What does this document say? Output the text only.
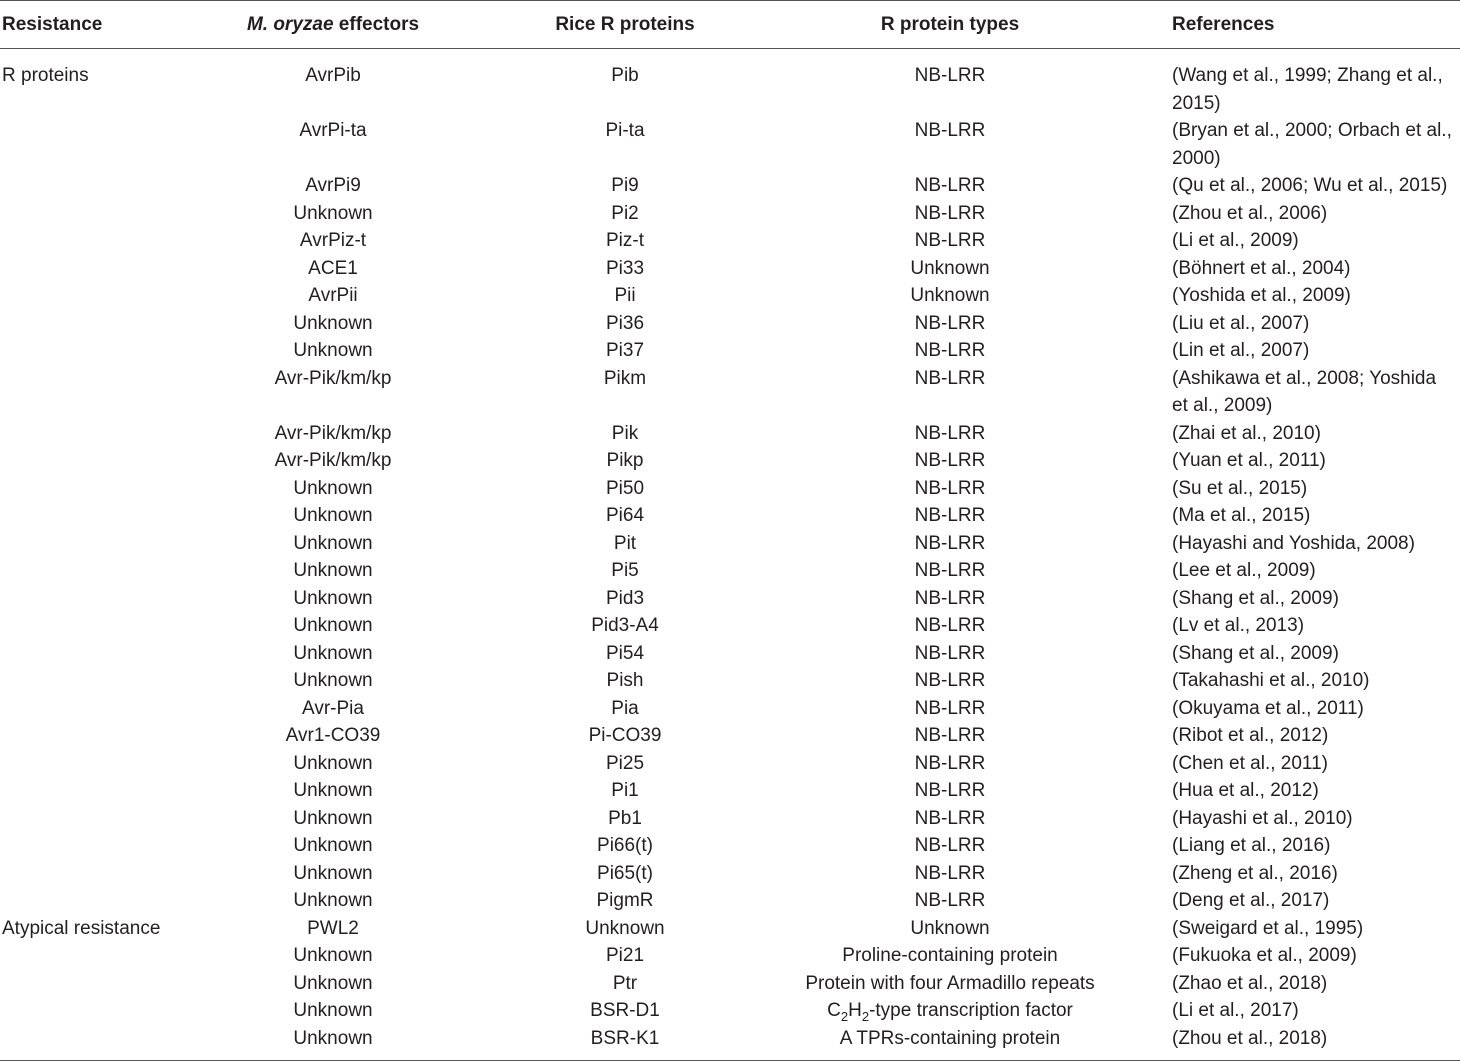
Resistance	M. oryzae effectors	Rice R proteins	R protein types	References
R proteins	AvrPib	Pib	NB-LRR	(Wang et al., 1999; Zhang et al., 2015)
	AvrPi-ta	Pi-ta	NB-LRR	(Bryan et al., 2000; Orbach et al., 2000)
	AvrPi9	Pi9	NB-LRR	(Qu et al., 2006; Wu et al., 2015)
	Unknown	Pi2	NB-LRR	(Zhou et al., 2006)
	AvrPiz-t	Piz-t	NB-LRR	(Li et al., 2009)
	ACE1	Pi33	Unknown	(Böhnert et al., 2004)
	AvrPii	Pii	Unknown	(Yoshida et al., 2009)
	Unknown	Pi36	NB-LRR	(Liu et al., 2007)
	Unknown	Pi37	NB-LRR	(Lin et al., 2007)
	Avr-Pik/km/kp	Pikm	NB-LRR	(Ashikawa et al., 2008; Yoshida et al., 2009)
	Avr-Pik/km/kp	Pik	NB-LRR	(Zhai et al., 2010)
	Avr-Pik/km/kp	Pikp	NB-LRR	(Yuan et al., 2011)
	Unknown	Pi50	NB-LRR	(Su et al., 2015)
	Unknown	Pi64	NB-LRR	(Ma et al., 2015)
	Unknown	Pit	NB-LRR	(Hayashi and Yoshida, 2008)
	Unknown	Pi5	NB-LRR	(Lee et al., 2009)
	Unknown	Pid3	NB-LRR	(Shang et al., 2009)
	Unknown	Pid3-A4	NB-LRR	(Lv et al., 2013)
	Unknown	Pi54	NB-LRR	(Shang et al., 2009)
	Unknown	Pish	NB-LRR	(Takahashi et al., 2010)
	Avr-Pia	Pia	NB-LRR	(Okuyama et al., 2011)
	Avr1-CO39	Pi-CO39	NB-LRR	(Ribot et al., 2012)
	Unknown	Pi25	NB-LRR	(Chen et al., 2011)
	Unknown	Pi1	NB-LRR	(Hua et al., 2012)
	Unknown	Pb1	NB-LRR	(Hayashi et al., 2010)
	Unknown	Pi66(t)	NB-LRR	(Liang et al., 2016)
	Unknown	Pi65(t)	NB-LRR	(Zheng et al., 2016)
	Unknown	PigmR	NB-LRR	(Deng et al., 2017)
Atypical resistance	PWL2	Unknown	Unknown	(Sweigard et al., 1995)
	Unknown	Pi21	Proline-containing protein	(Fukuoka et al., 2009)
	Unknown	Ptr	Protein with four Armadillo repeats	(Zhao et al., 2018)
	Unknown	BSR-D1	$C_2H_2$-type transcription factor	(Li et al., 2017)
	Unknown	BSR-K1	A TPRs-containing protein	(Zhou et al., 2018)
